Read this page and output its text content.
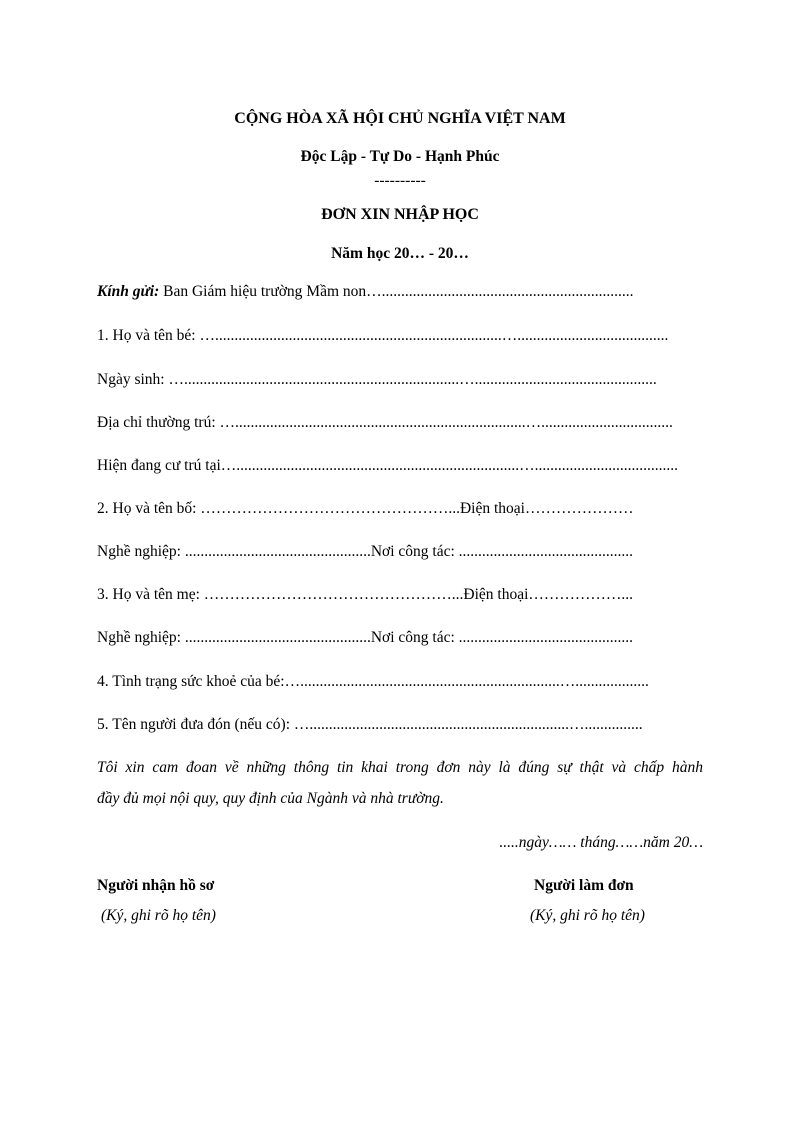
CỘNG HÒA XÃ HỘI CHỦ NGHĨA VIỆT NAM
Độc Lập - Tự Do - Hạnh Phúc
----------
ĐƠN XIN NHẬP HỌC
Năm học 20… - 20…
Kính gửi: Ban Giám hiệu trường Mầm non….................................................................
1. Họ và tên bé: …..........................................................................….......................................
Ngày sinh: ….......................................................................…...............................................
Địa chỉ thường trú: …...........................................................................…..................................
Hiện đang cư trú tại….........................................................................….....................................
2. Họ và tên bố: …………………………………………...Điện thoại…………………
Nghề nghiệp: ................................................Nơi công tác: .............................................
3. Họ và tên mẹ: …………………………………………...Điện thoại………………...
Nghề nghiệp: ................................................Nơi công tác: .............................................
4. Tình trạng sức khoẻ của bé:…...................................................................…...................
5. Tên người đưa đón (nếu có): …...................................................................…...............
Tôi xin cam đoan về những thông tin khai trong đơn này là đúng sự thật và chấp hành
đầy đủ mọi nội quy, quy định của Ngành và nhà trường.
.....ngày…… tháng……năm 20…
Người nhận hồ sơ
(Ký, ghi rõ họ tên)
Người làm đơn
(Ký, ghi rõ họ tên)
